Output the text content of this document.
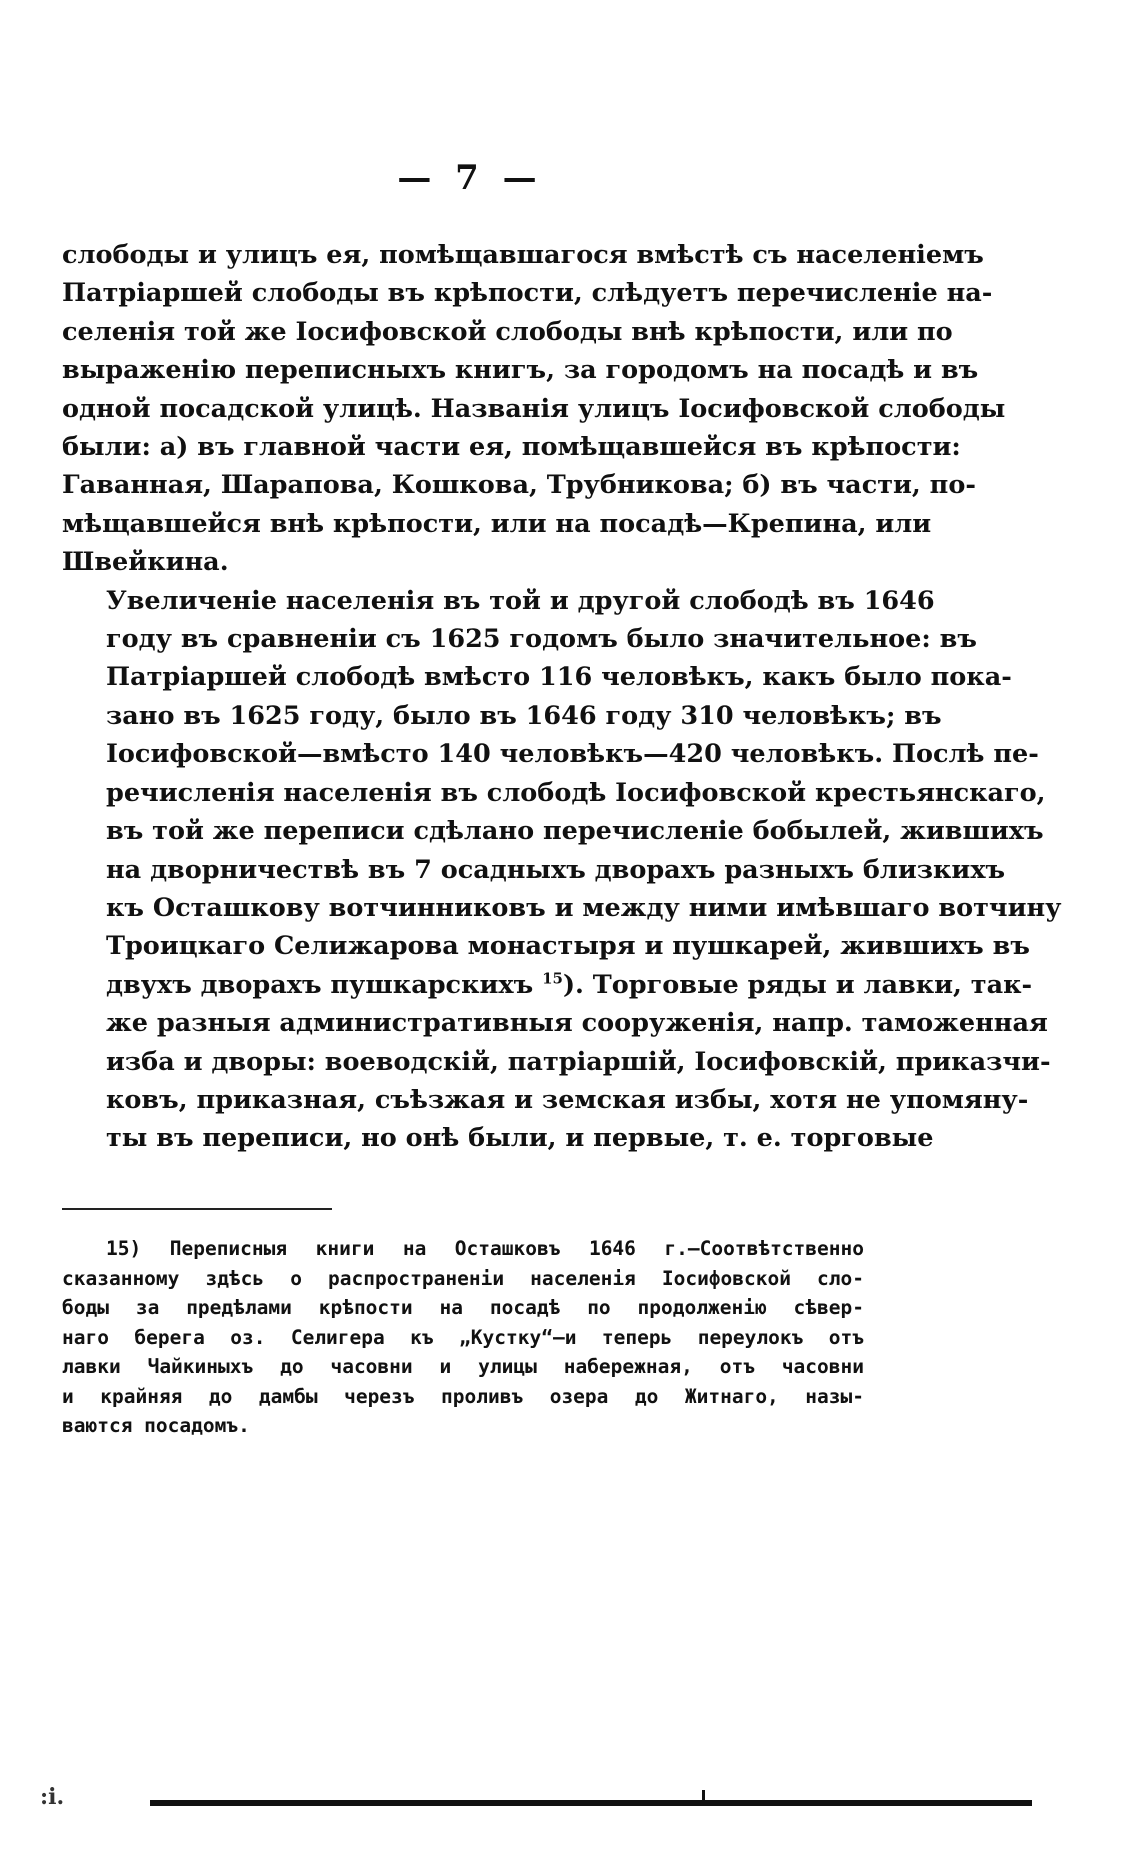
— 7 —

слободы и улицъ ея, помѣщавшагося вмѣстѣ съ населеніемъ
Патріаршей слободы въ крѣпости, слѣдуетъ перечисленіе на-
селенія той же Іосифовской слободы внѣ крѣпости, или по
выраженію переписныхъ книгъ, за городомъ на посадѣ и въ
одной посадской улицѣ. Названія улицъ Іосифовской слободы
были: а) въ главной части ея, помѣщавшейся въ крѣпости:
Гаванная, Шарапова, Кошкова, Трубникова; б) въ части, по-
мѣщавшейся внѣ крѣпости, или на посадѣ—Крепина, или
Швейкина.

Увеличеніе населенія въ той и другой слободѣ въ 1646
году въ сравненіи съ 1625 годомъ было значительное: въ
Патріаршей слободѣ вмѣсто 116 человѣкъ, какъ было пока-
зано въ 1625 году, было въ 1646 году 310 человѣкъ; въ
Іосифовской—вмѣсто 140 человѣкъ—420 человѣкъ. Послѣ пе-
речисленія населенія въ слободѣ Іосифовской крестьянскаго,
въ той же переписи сдѣлано перечисленіе бобылей, жившихъ
на дворничествѣ въ 7 осадныхъ дворахъ разныхъ близкихъ
къ Осташкову вотчинниковъ и между ними имѣвшаго вотчину
Троицкаго Селижарова монастыря и пушкарей, жившихъ въ
двухъ дворахъ пушкарскихъ $^{15}$). Торговые ряды и лавки, так-
же разныя административныя сооруженія, напр. таможенная
изба и дворы: воеводскій, патріаршій, Іосифовскій, приказчи-
ковъ, приказная, съѣзжая и земская избы, хотя не упомяну-
ты въ переписи, но онѣ были, и первые, т. е. торговые

15) Переписныя книги на Осташковъ 1646 г.—Соотвѣтственно
сказанному здѣсь о распространеніи населенія Іосифовской сло-
боды за предѣлами крѣпости на посадѣ по продолженію сѣвер-
наго берега оз. Селигера къ „Кустку“—и теперь переулокъ отъ
лавки Чайкиныхъ до часовни и улицы набережная, отъ часовни
и крайняя до дамбы черезъ проливъ озера до Житнаго, назы-
ваются посадомъ.
:i.
